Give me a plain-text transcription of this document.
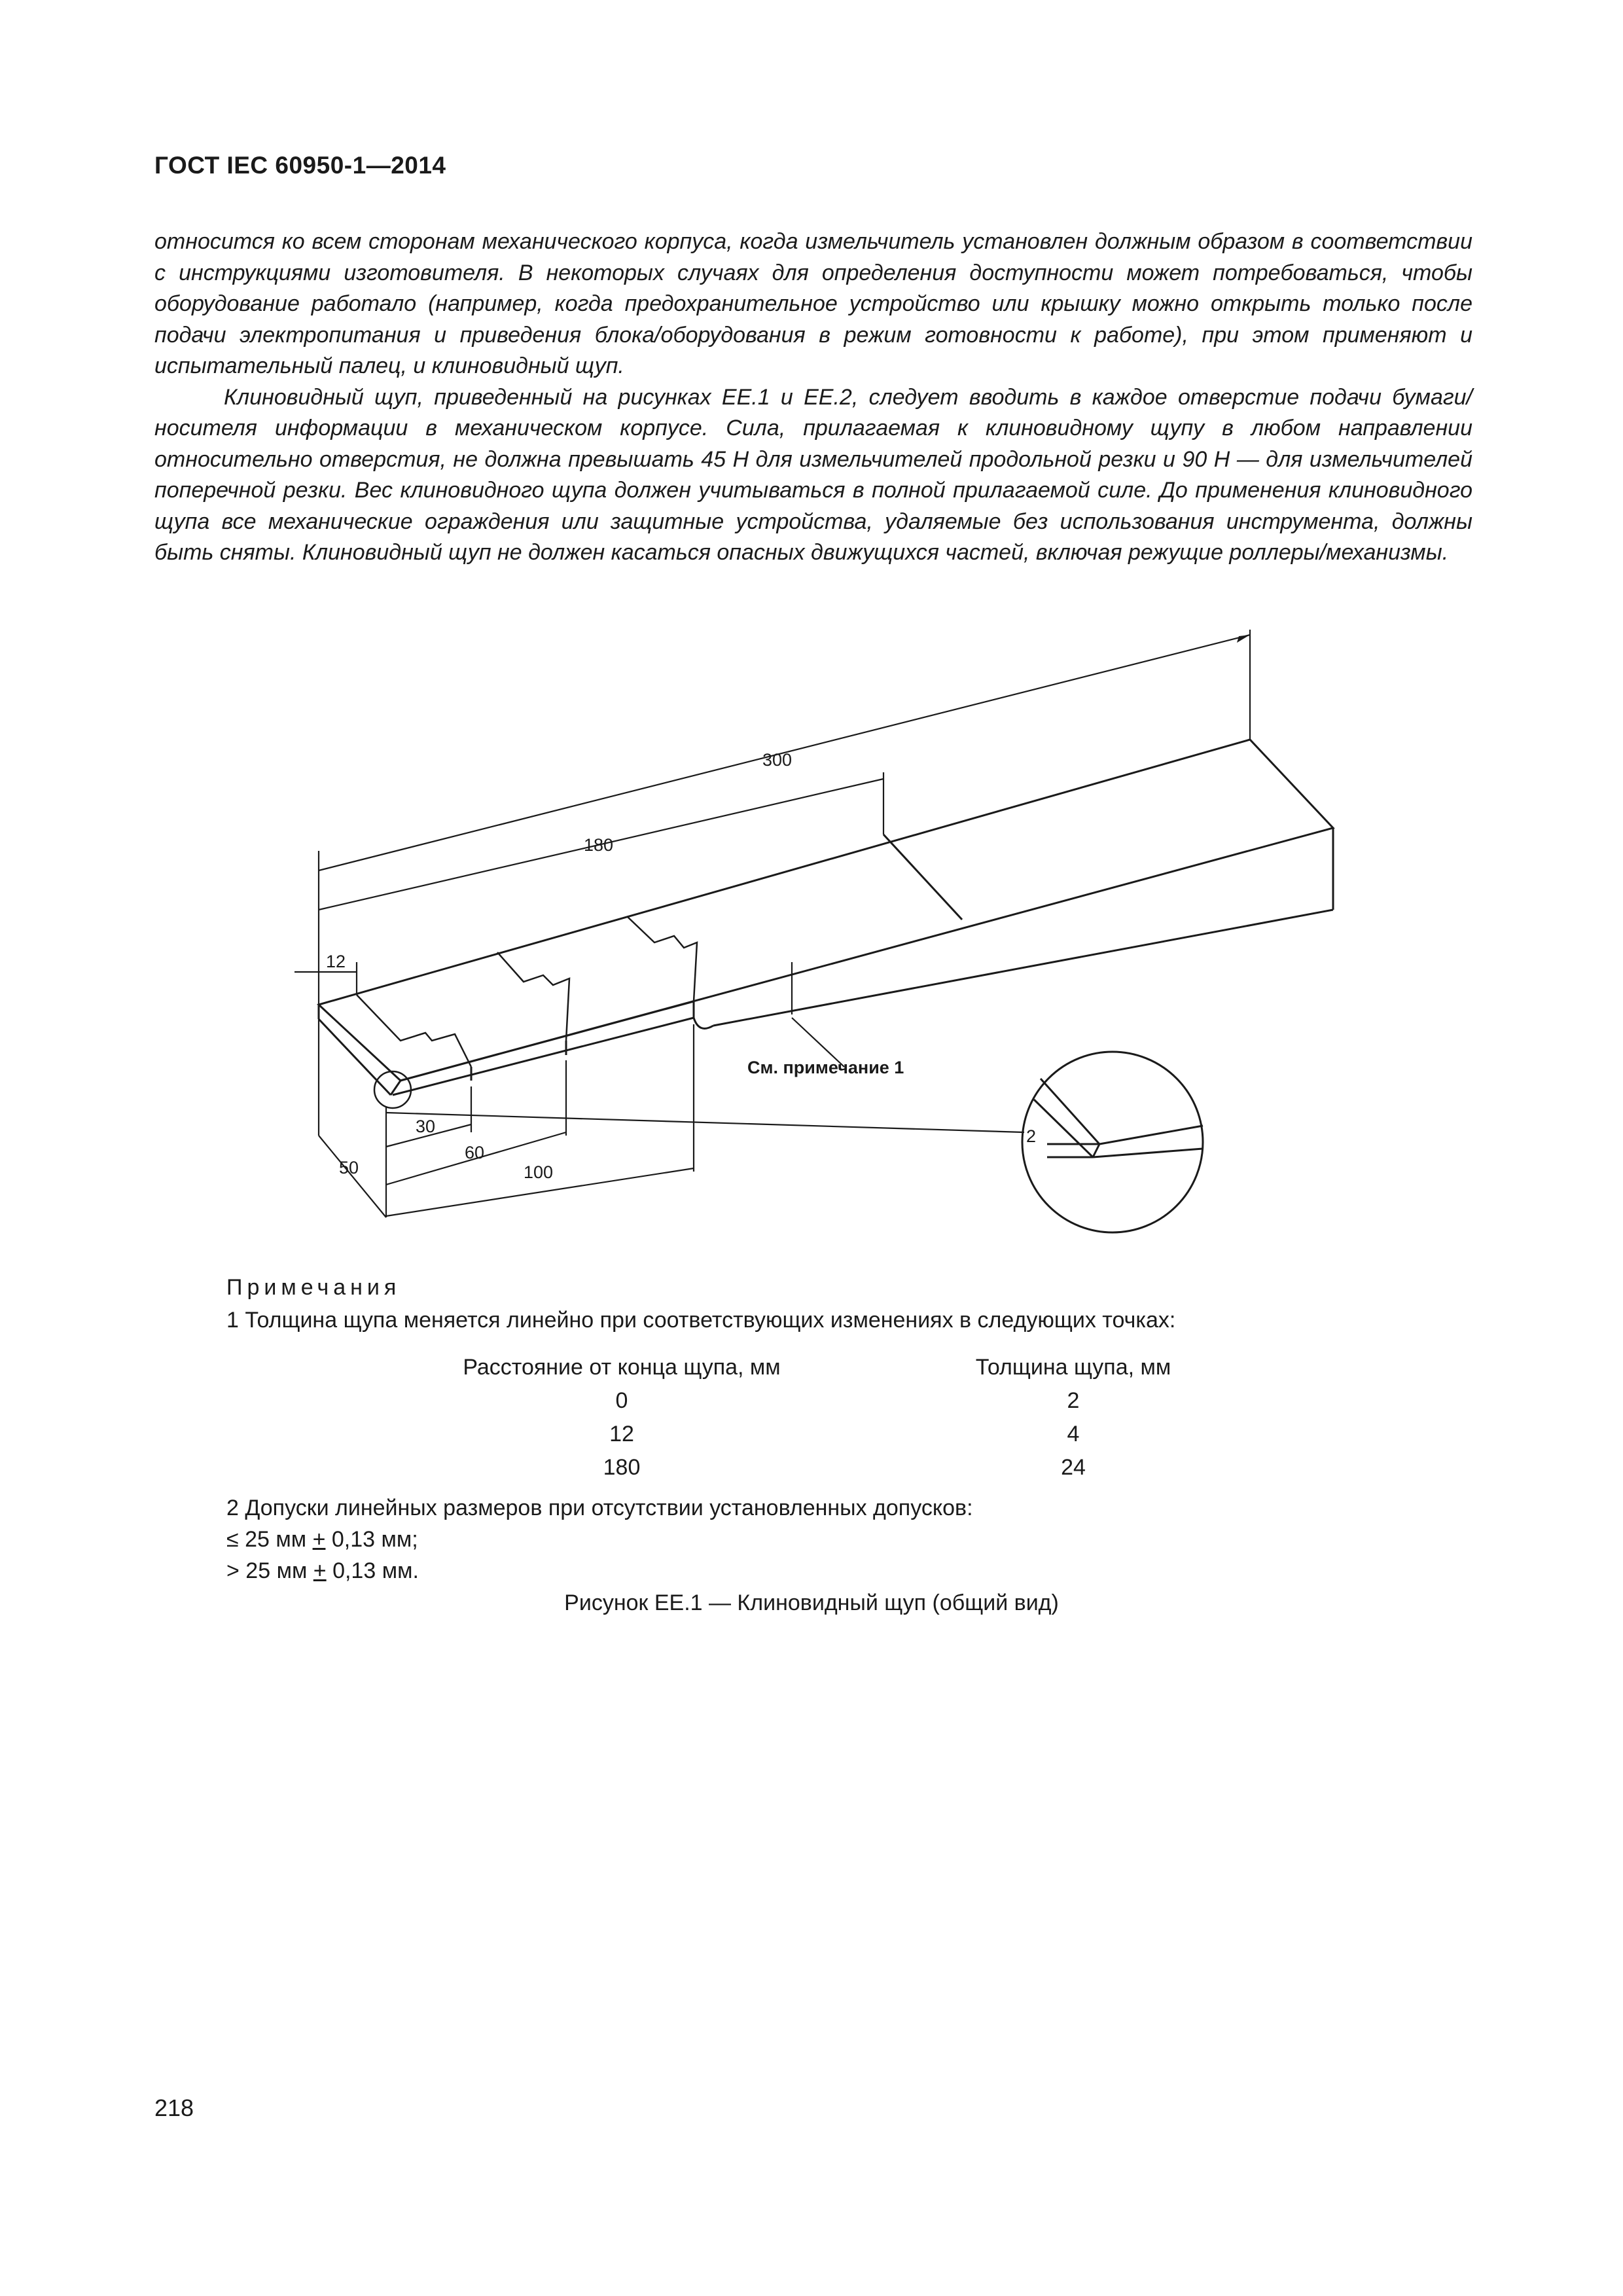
ГОСТ IEC 60950-1—2014

относится ко всем сторонам механического корпуса, когда измельчитель установлен должным образом в соответствии с инструкциями изготовителя. В некоторых случаях для определения доступности может потребоваться, чтобы оборудование работало (например, когда предохранительное устройство или крышку можно открыть только после подачи электропитания и приведения блока/оборудования в режим готовности к работе), при этом применяют и испытательный палец, и клиновидный щуп.

Клиновидный щуп, приведенный на рисунках EE.1 и EE.2, следует вводить в каждое отверстие подачи бумаги/носителя информации в механическом корпусе. Сила, прилагаемая к клиновидному щупу в любом направлении относительно отверстия, не должна превышать 45 Н для измельчителей продольной резки и 90 Н — для измельчителей поперечной резки. Вес клиновидного щупа должен учитываться в полной прилагаемой силе. До применения клиновидного щупа все механические ограждения или защитные устройства, удаляемые без использования инструмента, должны быть сняты. Клиновидный щуп не должен касаться опасных движущихся частей, включая режущие роллеры/механизмы.

300
180
12
30
60
100
50
2
См. примечание 1
Примечания
1 Толщина щупа меняется линейно при соответствующих изменениях в следующих точках:
Расстояние от конца щупа, мм	Толщина щупа, мм
0	2
12	4
180	24
2 Допуски линейных размеров при отсутствии установленных допусков:
≤ 25 мм + 0,13 мм;
> 25 мм + 0,13 мм.
Рисунок EE.1 — Клиновидный щуп (общий вид)
218
